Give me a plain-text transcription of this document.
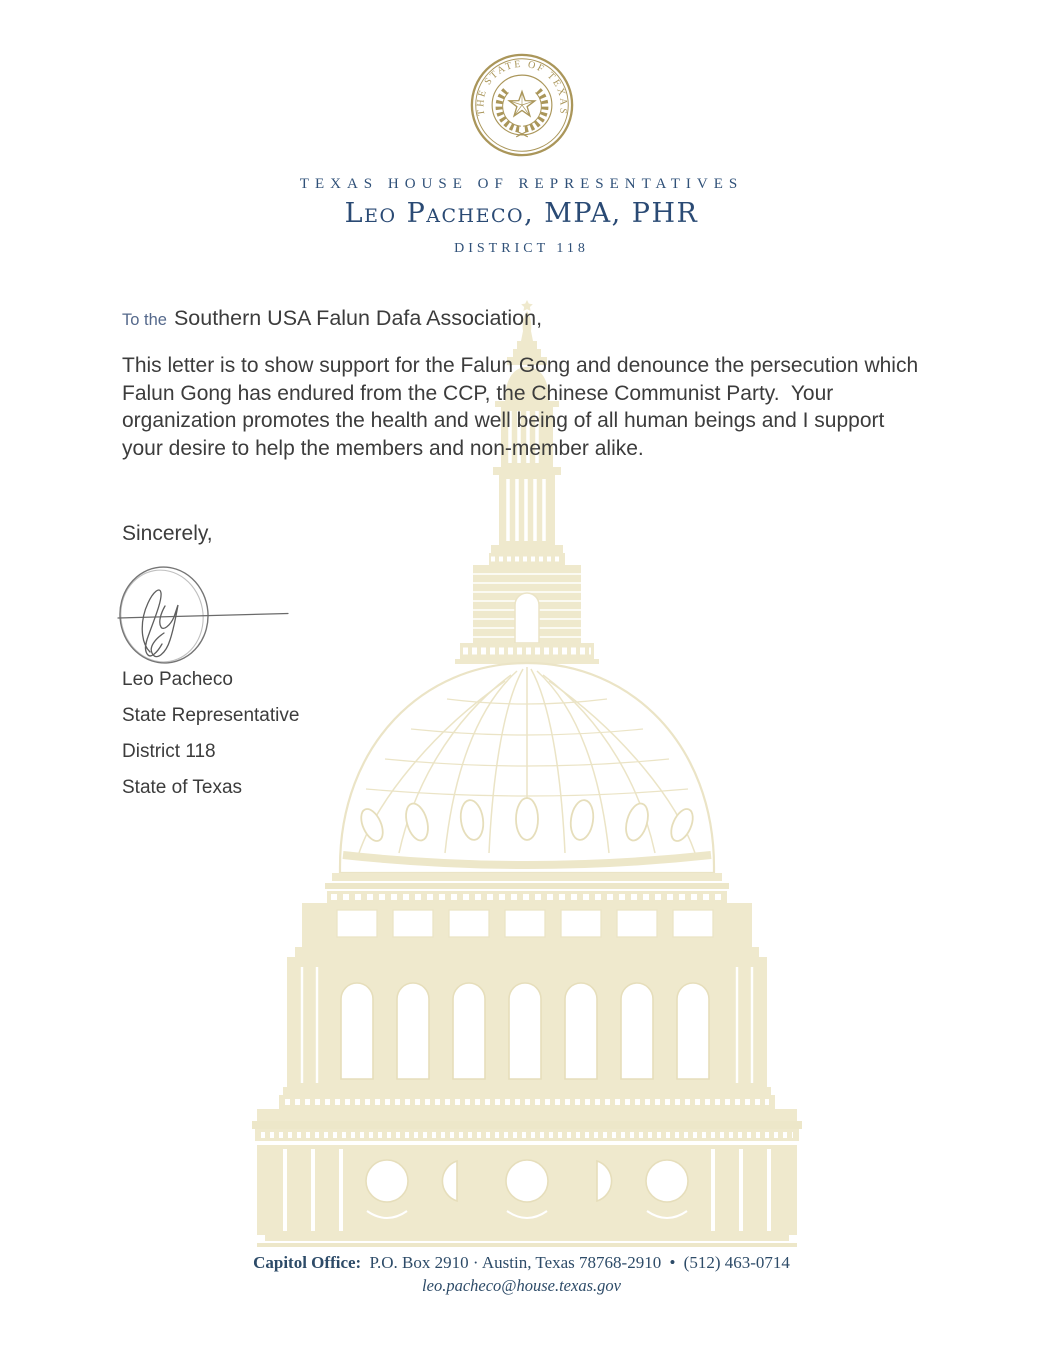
THE STATE OF TEXAS
TEXAS HOUSE OF REPRESENTATIVES
Leo Pacheco, MPA, PHR
DISTRICT 118
To the Southern USA Falun Dafa Association,
This letter is to show support for the Falun Gong and denounce the persecution which Falun Gong has endured from the CCP, the Chinese Communist Party.  Your organization promotes the health and well being of all human beings and I support your desire to help the members and non-member alike.
Sincerely,
Leo Pacheco
State Representative
District 118
State of Texas
Capitol Office: P.O. Box 2910 · Austin, Texas 78768-2910 • (512) 463-0714
leo.pacheco@house.texas.gov
